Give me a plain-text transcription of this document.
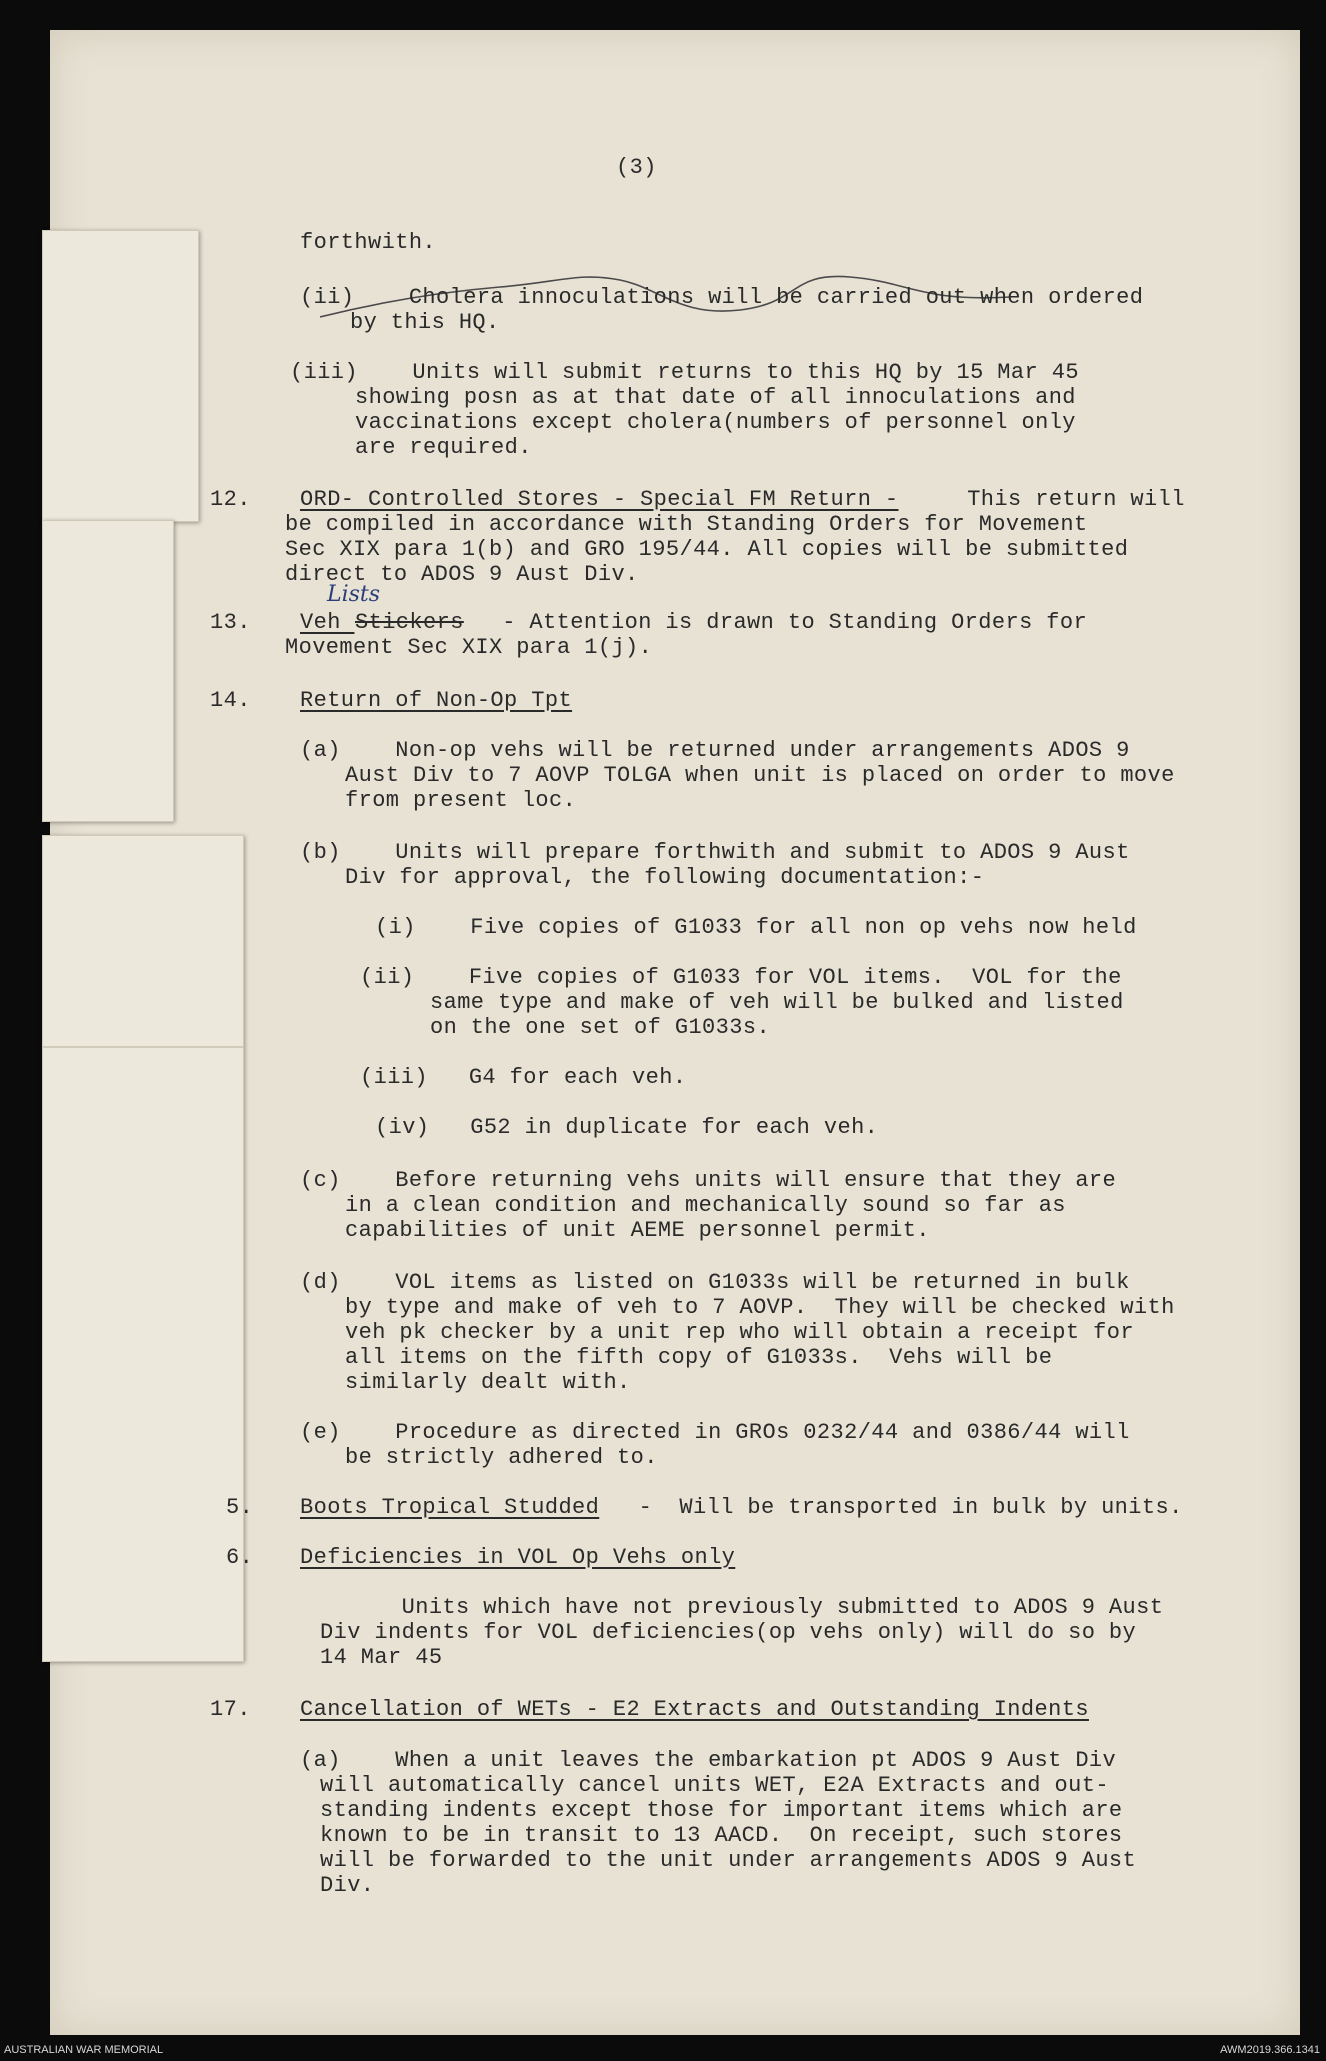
(3)
forthwith.
(ii)    Cholera innoculations will be carried out when ordered
by this HQ.
(iii)    Units will submit returns to this HQ by 15 Mar 45
showing posn as at that date of all innoculations and
vaccinations except cholera(numbers of personnel only
are required.
12. ORD- Controlled Stores - Special FM Return - This return will
be compiled in accordance with Standing Orders for Movement
Sec XIX para 1(b) and GRO 195/44. All copies will be submitted
direct to ADOS 9 Aust Div.
Lists
13. Veh Stickers - Attention is drawn to Standing Orders for
Movement Sec XIX para 1(j).
14. Return of Non-Op Tpt
(a)    Non-op vehs will be returned under arrangements ADOS 9
Aust Div to 7 AOVP TOLGA when unit is placed on order to move
from present loc.
(b)    Units will prepare forthwith and submit to ADOS 9 Aust
Div for approval, the following documentation:-
(i)    Five copies of G1033 for all non op vehs now held
(ii)    Five copies of G1033 for VOL items.  VOL for the
same type and make of veh will be bulked and listed
on the one set of G1033s.
(iii)   G4 for each veh.
(iv)   G52 in duplicate for each veh.
(c)    Before returning vehs units will ensure that they are
in a clean condition and mechanically sound so far as
capabilities of unit AEME personnel permit.
(d)    VOL items as listed on G1033s will be returned in bulk
by type and make of veh to 7 AOVP.  They will be checked with
veh pk checker by a unit rep who will obtain a receipt for
all items on the fifth copy of G1033s.  Vehs will be
similarly dealt with.
(e)    Procedure as directed in GROs 0232/44 and 0386/44 will
be strictly adhered to.
5. Boots Tropical Studded -  Will be transported in bulk by units.
6. Deficiencies in VOL Op Vehs only
Units which have not previously submitted to ADOS 9 Aust
Div indents for VOL deficiencies(op vehs only) will do so by
14 Mar 45
17. Cancellation of WETs - E2 Extracts and Outstanding Indents
(a)    When a unit leaves the embarkation pt ADOS 9 Aust Div
will automatically cancel units WET, E2A Extracts and out-
standing indents except those for important items which are
known to be in transit to 13 AACD.  On receipt, such stores
will be forwarded to the unit under arrangements ADOS 9 Aust
Div.
AUSTRALIAN WAR MEMORIAL	AWM2019.366.1341
